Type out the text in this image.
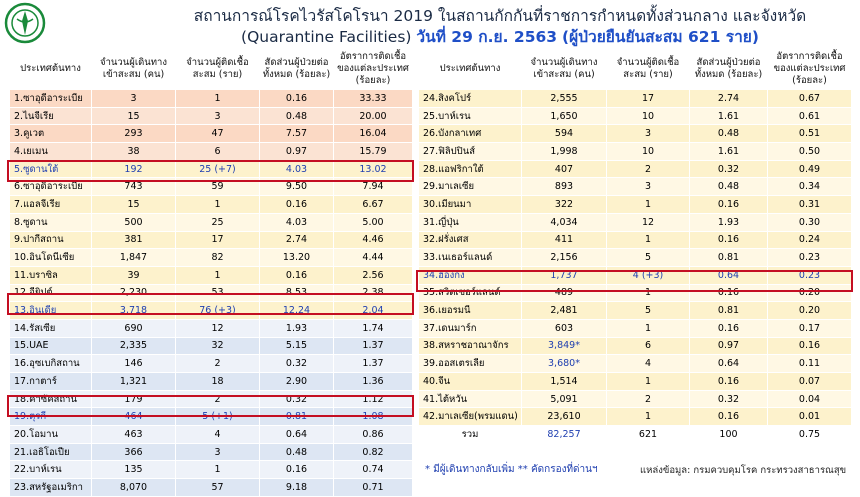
สถานการณ์โรคไวรัสโคโรนา 2019 ในสถานกักกันที่ราชการกำหนดทั้งส่วนกลาง และจังหวัด
(Quarantine Facilities) วันที่ 29 ก.ย. 2563 (ผู้ป่วยยืนยันสะสม 621 ราย)
ประเทศต้นทาง	จำนวนผู้เดินทาง เข้าสะสม (คน)	จำนวนผู้ติดเชื้อสะสม (ราย)	สัดส่วนผู้ป่วยต่อทั้งหมด (ร้อยละ)	อัตราการติดเชื้อของแต่ละประเทศ (ร้อยละ)
1.ซาอุดีอาระเบีย	3	1	0.16	33.33
2.ไนจีเรีย	15	3	0.48	20.00
3.คูเวต	293	47	7.57	16.04
4.เยเมน	38	6	0.97	15.79
5.ซูดานใต้	192	25 (+7)	4.03	13.02
6.ซาอุดิอาระเบีย	743	59	9.50	7.94
7.แอลจีเรีย	15	1	0.16	6.67
8.ซูดาน	500	25	4.03	5.00
9.ปากีสถาน	381	17	2.74	4.46
10.อินโดนีเซีย	1,847	82	13.20	4.44
11.บราซิล	39	1	0.16	2.56
12.อียิปต์	2,230	53	8.53	2.38
13.อินเดีย	3,718	76 (+3)	12.24	2.04
14.รัสเซีย	690	12	1.93	1.74
15.UAE	2,335	32	5.15	1.37
16.อุซเบกิสถาน	146	2	0.32	1.37
17.กาตาร์	1,321	18	2.90	1.36
18.คาซัคสถาน	179	2	0.32	1.12
19.ตุรกี	464	5 (+1)	0.81	1.08
20.โอมาน	463	4	0.64	0.86
21.เอธิโอเปีย	366	3	0.48	0.82
22.บาห์เรน	135	1	0.16	0.74
23.สหรัฐอเมริกา	8,070	57	9.18	0.71
ประเทศต้นทาง	จำนวนผู้เดินทาง เข้าสะสม (คน)	จำนวนผู้ติดเชื้อสะสม (ราย)	สัดส่วนผู้ป่วยต่อทั้งหมด (ร้อยละ)	อัตราการติดเชื้อของแต่ละประเทศ (ร้อยละ)
24.สิงคโปร์	2,555	17	2.74	0.67
25.บาห์เรน	1,650	10	1.61	0.61
26.บังกลาเทศ	594	3	0.48	0.51
27.ฟิลิปปินส์	1,998	10	1.61	0.50
28.แอฟริกาใต้	407	2	0.32	0.49
29.มาเลเซีย	893	3	0.48	0.34
30.เมียนมา	322	1	0.16	0.31
31.ญี่ปุ่น	4,034	12	1.93	0.30
32.ฝรั่งเศส	411	1	0.16	0.24
33.เนเธอร์แลนด์	2,156	5	0.81	0.23
34.ฮ่องกง	1,737	4 (+3)	0.64	0.23
35.สวิตเซอร์แลนด์	489	1	0.16	0.20
36.เยอรมนี	2,481	5	0.81	0.20
37.เดนมาร์ก	603	1	0.16	0.17
38.สหราชอาณาจักร	3,849*	6	0.97	0.16
39.ออสเตรเลีย	3,680*	4	0.64	0.11
40.จีน	1,514	1	0.16	0.07
41.ไต้หวัน	5,091	2	0.32	0.04
42.มาเลเซีย(พรมแดน)	23,610	1	0.16	0.01
รวม	82,257	621	100	0.75
* มีผู้เดินทางกลับเพิ่ม ** คัดกรองที่ด่านฯ	แหล่งข้อมูล: กรมควบคุมโรค กระทรวงสาธารณสุข
